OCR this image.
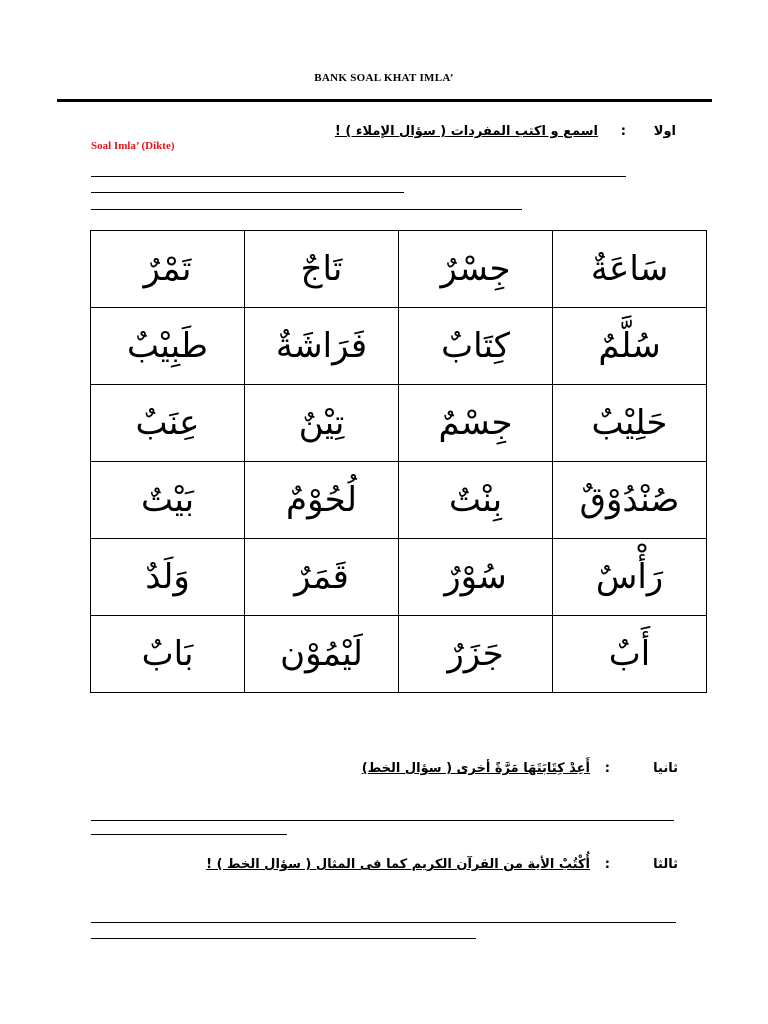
BANK SOAL KHAT IMLA’
اولا
:
اسمع و اكتب المفردات ( سؤال الإملاء ) !
Soal Imla’ (Dikte)
تَمْرٌ	تَاجٌ	جِسْرٌ	سَاعَةٌ
طَبِيْبٌ	فَرَاشَةٌ	كِتَابٌ	سُلَّمٌ
عِنَبٌ	تِيْنٌ	جِسْمٌ	حَلِيْبٌ
بَيْتٌ	لُحُوْمٌ	بِنْتٌ	صُنْدُوْقٌ
وَلَدٌ	قَمَرٌ	سُوْرٌ	رَأْسٌ
بَابٌ	لَيْمُوْن	جَزَرٌ	أَبٌ
ثانيا
:
أَعِدْ كِتَابَتَهَا مَرَّةً أخرى ( سؤال الخط)
ثالثا
:
أُكْتُبْ الأية من القرآن الكريم كما فى المثال ( سؤال الخط ) !
